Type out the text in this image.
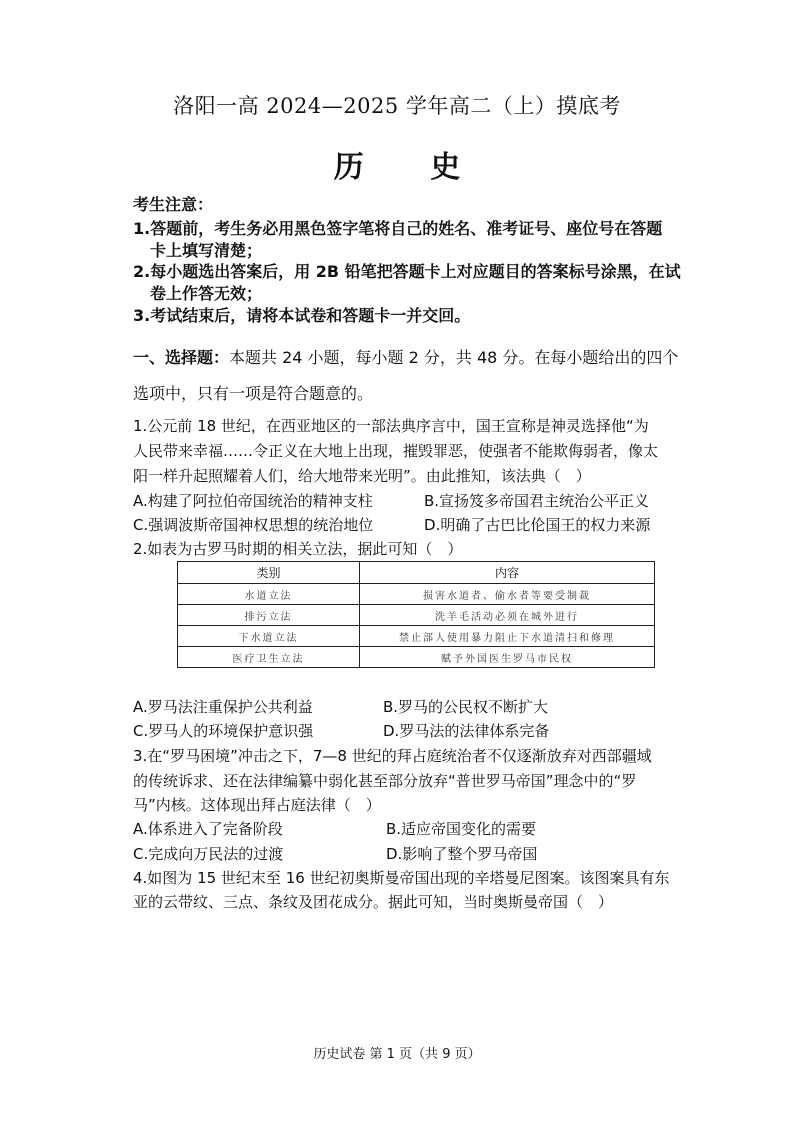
洛阳一高 2024—2025 学年高二（上）摸底考
历 史
考生注意：
1.答题前，考生务必用黑色签字笔将自己的姓名、准考证号、座位号在答题
卡上填写清楚；
2.每小题选出答案后，用 2B 铅笔把答题卡上对应题目的答案标号涂黑，在试
卷上作答无效；
3.考试结束后，请将本试卷和答题卡一并交回。
一、选择题：本题共 24 小题，每小题 2 分，共 48 分。在每小题给出的四个
选项中，只有一项是符合题意的。
1.公元前 18 世纪，在西亚地区的一部法典序言中，国王宣称是神灵选择他“为
人民带来幸福……令正义在大地上出现，摧毁罪恶，使强者不能欺侮弱者，像太
阳一样升起照耀着人们，给大地带来光明”。由此推知，该法典（　）
A.构建了阿拉伯帝国统治的精神支柱	B.宣扬笈多帝国君主统治公平正义
C.强调波斯帝国神权思想的统治地位	D.明确了古巴比伦国王的权力来源
2.如表为古罗马时期的相关立法，据此可知（　）
类别	内容
水道立法	损害水道者、偷水者等要受制裁
排污立法	洗羊毛活动必须在城外进行
下水道立法	禁止部人使用暴力阻止下水道清扫和修理
医疗卫生立法	赋予外国医生罗马市民权
A.罗马法注重保护公共利益	B.罗马的公民权不断扩大
C.罗马人的环境保护意识强	D.罗马法的法律体系完备
3.在“罗马困境”冲击之下，7—8 世纪的拜占庭统治者不仅逐渐放弃对西部疆域
的传统诉求、还在法律编纂中弱化甚至部分放弃“普世罗马帝国”理念中的“罗
马”内核。这体现出拜占庭法律（　）
A.体系进入了完备阶段	B.适应帝国变化的需要
C.完成向万民法的过渡	D.影响了整个罗马帝国
4.如图为 15 世纪末至 16 世纪初奥斯曼帝国出现的辛塔曼尼图案。该图案具有东
亚的云带纹、三点、条纹及团花成分。据此可知，当时奥斯曼帝国（　）
历史试卷 第 1 页（共 9 页）
